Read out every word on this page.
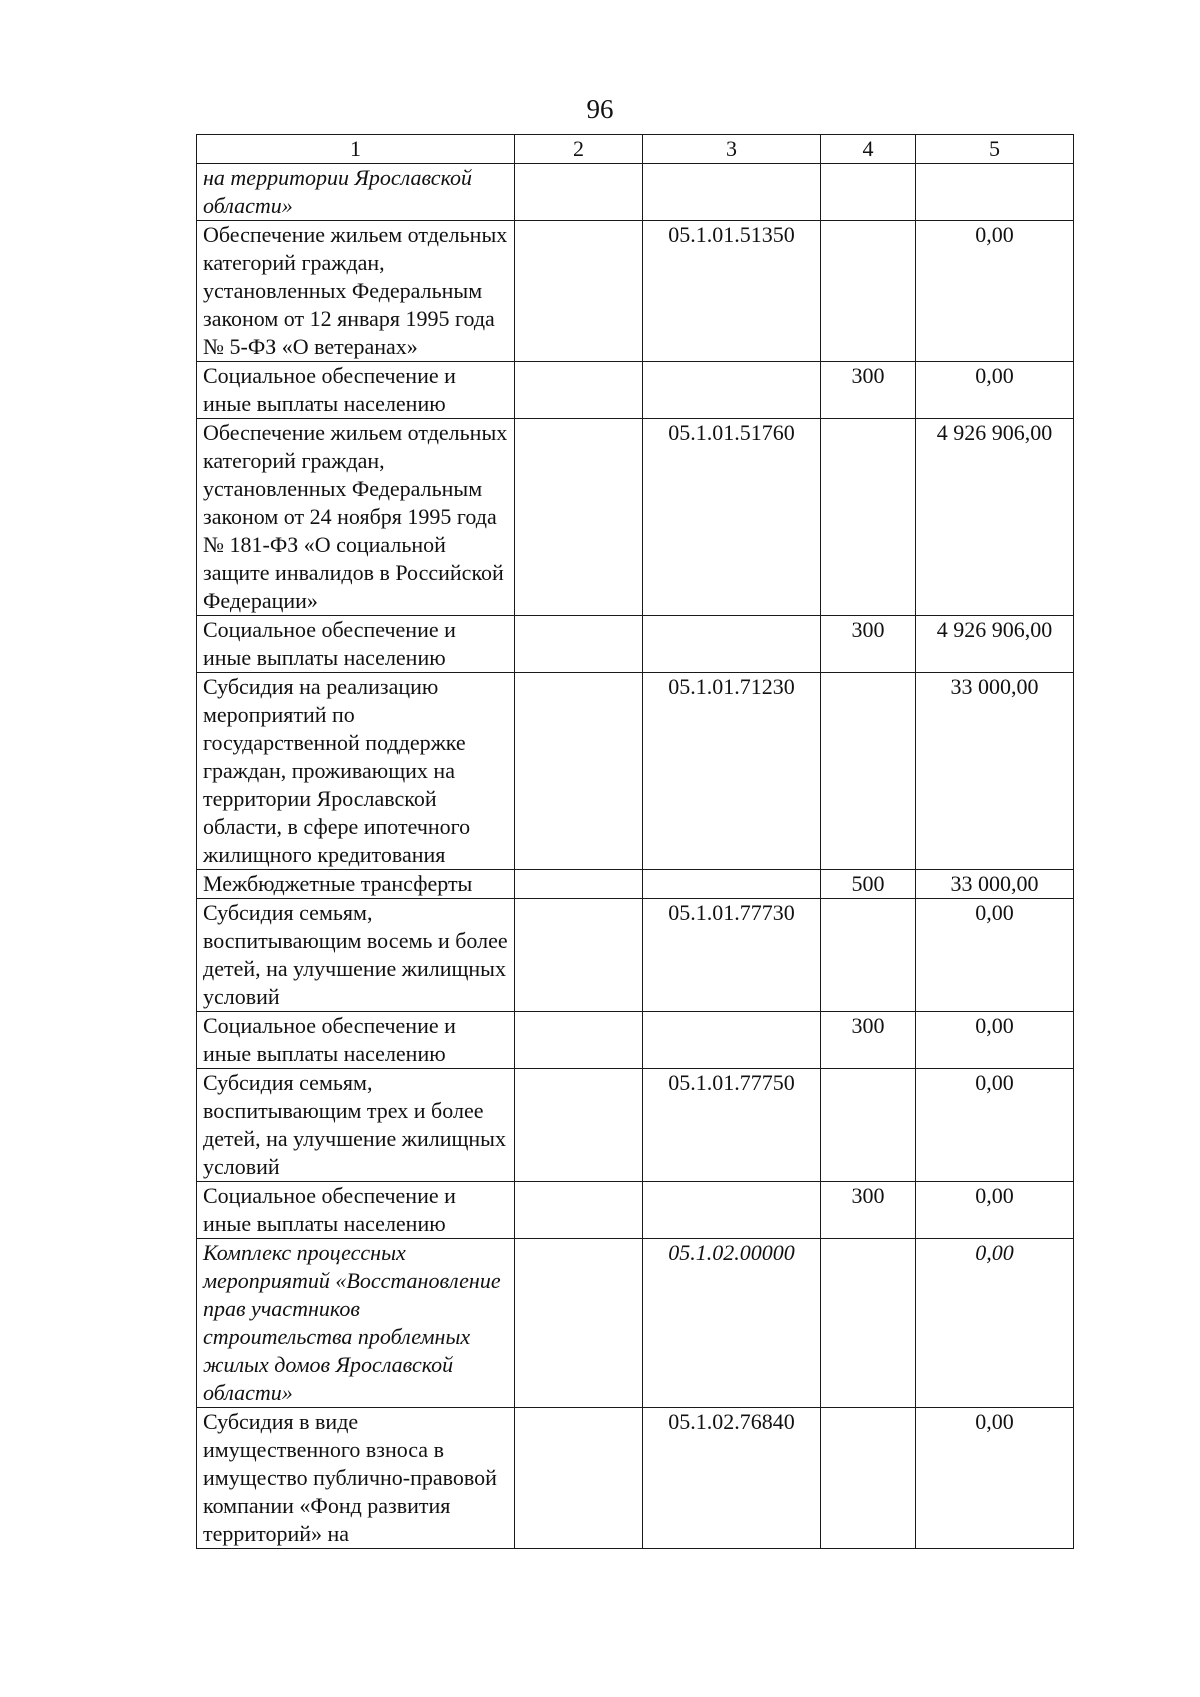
96
1	2	3	4	5
на территории Ярославской области»				
Обеспечение жильем отдельных категорий граждан, установленных Федеральным законом от 12 января 1995 года № 5-ФЗ «О ветеранах»		05.1.01.51350		0,00
Социальное обеспечение и иные выплаты населению			300	0,00
Обеспечение жильем отдельных категорий граждан, установленных Федеральным законом от 24 ноября 1995 года № 181-ФЗ «О социальной защите инвалидов в Российской Федерации»		05.1.01.51760		4 926 906,00
Социальное обеспечение и иные выплаты населению			300	4 926 906,00
Субсидия на реализацию мероприятий по государственной поддержке граждан, проживающих на территории Ярославской области, в сфере ипотечного жилищного кредитования		05.1.01.71230		33 000,00
Межбюджетные трансферты			500	33 000,00
Субсидия семьям, воспитывающим восемь и более детей, на улучшение жилищных условий		05.1.01.77730		0,00
Социальное обеспечение и иные выплаты населению			300	0,00
Субсидия семьям, воспитывающим трех и более детей, на улучшение жилищных условий		05.1.01.77750		0,00
Социальное обеспечение и иные выплаты населению			300	0,00
Комплекс процессных мероприятий «Восстановление прав участников строительства проблемных жилых домов Ярославской области»		05.1.02.00000		0,00
Субсидия в виде имущественного взноса в имущество публично-правовой компании «Фонд развития территорий» на		05.1.02.76840		0,00
